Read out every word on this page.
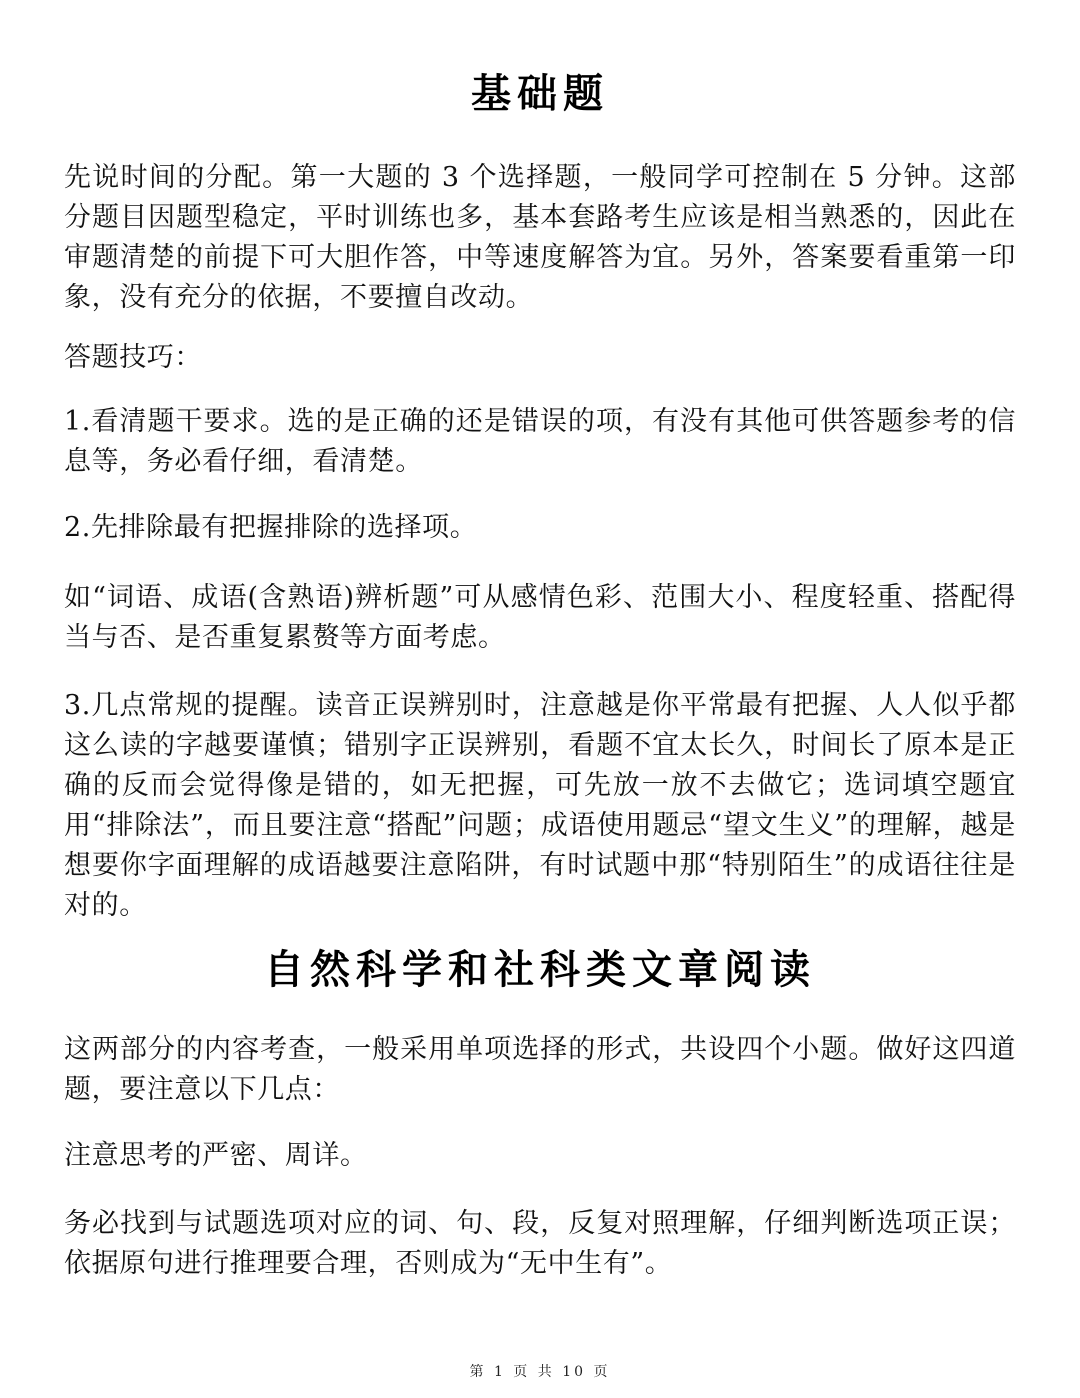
基础题

先说时间的分配。第一大题的 3 个选择题，一般同学可控制在 5 分钟。这部分题目因题型稳定，平时训练也多，基本套路考生应该是相当熟悉的，因此在审题清楚的前提下可大胆作答，中等速度解答为宜。另外，答案要看重第一印象，没有充分的依据，不要擅自改动。

答题技巧：

1.看清题干要求。选的是正确的还是错误的项，有没有其他可供答题参考的信息等，务必看仔细，看清楚。

2.先排除最有把握排除的选择项。

如“词语、成语(含熟语)辨析题”可从感情色彩、范围大小、程度轻重、搭配得当与否、是否重复累赘等方面考虑。

3.几点常规的提醒。读音正误辨别时，注意越是你平常最有把握、人人似乎都这么读的字越要谨慎；错别字正误辨别，看题不宜太长久，时间长了原本是正确的反而会觉得像是错的，如无把握，可先放一放不去做它；选词填空题宜用“排除法”，而且要注意“搭配”问题；成语使用题忌“望文生义”的理解，越是想要你字面理解的成语越要注意陷阱，有时试题中那“特别陌生”的成语往往是对的。

自然科学和社科类文章阅读

这两部分的内容考查，一般采用单项选择的形式，共设四个小题。做好这四道题，要注意以下几点：

注意思考的严密、周详。

务必找到与试题选项对应的词、句、段，反复对照理解，仔细判断选项正误；依据原句进行推理要合理，否则成为“无中生有”。

第 1 页 共 10 页
